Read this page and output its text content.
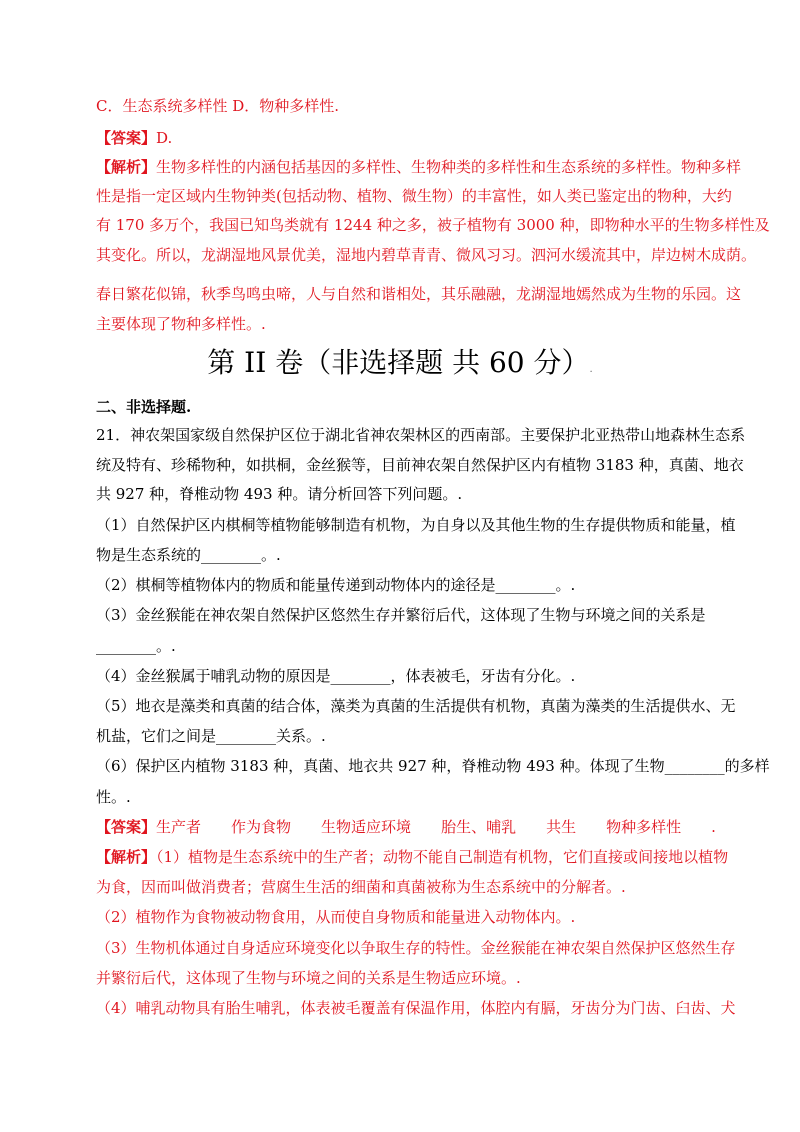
C．生态系统多样性 D．物种多样性.
【答案】D.
【解析】生物多样性的内涵包括基因的多样性、生物种类的多样性和生态系统的多样性。物种多样
性是指一定区域内生物钟类(包括动物、植物、微生物）的丰富性，如人类已鉴定出的物种，大约
有 170 多万个，我国已知鸟类就有 1244 种之多，被子植物有 3000 种，即物种水平的生物多样性及
其变化。所以，龙湖湿地风景优美，湿地内碧草青青、微风习习。泗河水缓流其中，岸边树木成荫。
春日繁花似锦，秋季鸟鸣虫啼，人与自然和谐相处，其乐融融，龙湖湿地嫣然成为生物的乐园。这
主要体现了物种多样性。.
第 II 卷（非选择题 共 60 分）.
二、非选择题.
21．神农架国家级自然保护区位于湖北省神农架林区的西南部。主要保护北亚热带山地森林生态系
统及特有、珍稀物种，如拱桐，金丝猴等，目前神农架自然保护区内有植物 3183 种，真菌、地衣
共 927 种，脊椎动物 493 种。请分析回答下列问题。.
（1）自然保护区内棋桐等植物能够制造有机物，为自身以及其他生物的生存提供物质和能量，植
物是生态系统的________。.
（2）棋桐等植物体内的物质和能量传递到动物体内的途径是________。.
（3）金丝猴能在神农架自然保护区悠然生存并繁衍后代，这体现了生物与环境之间的关系是
________。.
（4）金丝猴属于哺乳动物的原因是________，体表被毛，牙齿有分化。.
（5）地衣是藻类和真菌的结合体，藻类为真菌的生活提供有机物，真菌为藻类的生活提供水、无
机盐，它们之间是________关系。.
（6）保护区内植物 3183 种，真菌、地衣共 927 种，脊椎动物 493 种。体现了生物________的多样
性。.
【答案】生产者 作为食物 生物适应环境 胎生、哺乳 共生 物种多样性 .
【解析】（1）植物是生态系统中的生产者；动物不能自己制造有机物，它们直接或间接地以植物
为食，因而叫做消费者；营腐生生活的细菌和真菌被称为生态系统中的分解者。.
（2）植物作为食物被动物食用，从而使自身物质和能量进入动物体内。.
（3）生物机体通过自身适应环境变化以争取生存的特性。金丝猴能在神农架自然保护区悠然生存
并繁衍后代，这体现了生物与环境之间的关系是生物适应环境。.
（4）哺乳动物具有胎生哺乳，体表被毛覆盖有保温作用，体腔内有膈，牙齿分为门齿、臼齿、犬
